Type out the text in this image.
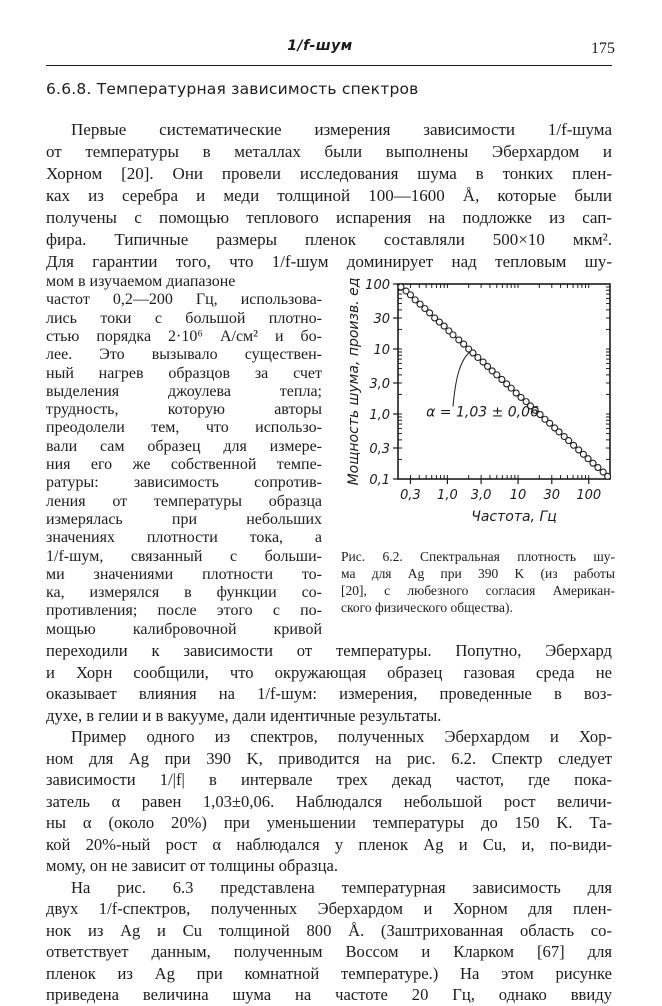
1/f-шум	175
6.6.8. Температурная зависимость спектров
Первые систематические измерения зависимости 1/f-шума
от температуры в металлах были выполнены Эберхардом и
Хорном [20]. Они провели исследования шума в тонких плен-
ках из серебра и меди толщиной 100—1600 Å, которые были
получены с помощью теплового испарения на подложке из сап-
фира. Типичные размеры пленок составляли 500×10 мкм².
Для гарантии того, что 1/f-шум доминирует над тепловым шу-
мом в изучаемом диапазоне
частот 0,2—200 Гц, использова-
лись токи с большой плотно-
стью порядка 2·10⁶ А/см² и бо-
лее. Это вызывало существен-
ный нагрев образцов за счет
выделения джоулева тепла;
трудность, которую авторы
преодолели тем, что использо-
вали сам образец для измере-
ния его же собственной темпе-
ратуры: зависимость сопротив-
ления от температуры образца
измерялась при небольших
значениях плотности тока, а
1/f-шум, связанный с больши-
ми значениями плотности то-
ка, измерялся в функции со-
противления; после этого с по-
мощью калибровочной кривой
0,3 1,0 3,0 10 30 100
100
30
10
3,0
1,0
0,3
0,1
α = 1,03 ± 0,06
Частота, Гц
Мощность шума, произв. ед
Рис. 6.2. Спектральная плотность шу-
ма для Ag при 390 K (из работы
[20], с любезного согласия Американ-
ского физического общества).
переходили к зависимости от температуры. Попутно, Эберхард
и Хорн сообщили, что окружающая образец газовая среда не
оказывает влияния на 1/f-шум: измерения, проведенные в воз-
духе, в гелии и в вакууме, дали идентичные результаты.
Пример одного из спектров, полученных Эберхардом и Хор-
ном для Ag при 390 K, приводится на рис. 6.2. Спектр следует
зависимости 1/|f| в интервале трех декад частот, где пока-
затель α равен 1,03±0,06. Наблюдался небольшой рост величи-
ны α (около 20%) при уменьшении температуры до 150 K. Та-
кой 20%-ный рост α наблюдался у пленок Ag и Cu, и, по-види-
мому, он не зависит от толщины образца.
На рис. 6.3 представлена температурная зависимость для
двух 1/f-спектров, полученных Эберхардом и Хорном для плен-
нок из Ag и Cu толщиной 800 Å. (Заштрихованная область со-
ответствует данным, полученным Воссом и Кларком [67] для
пленок из Ag при комнатной температуре.) На этом рисунке
приведена величина шума на частоте 20 Гц, однако ввиду
